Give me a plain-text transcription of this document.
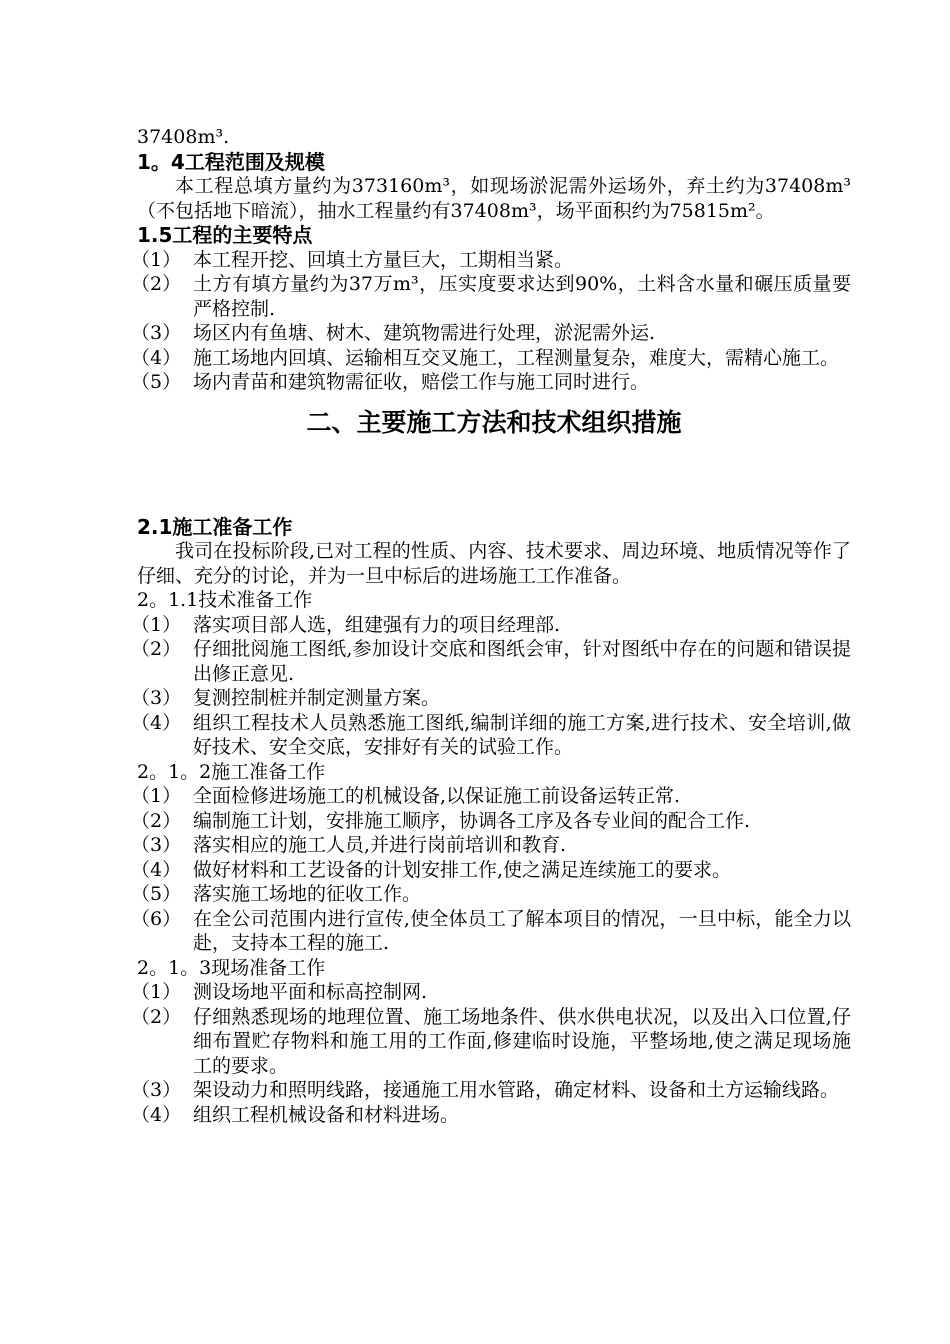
37408m³.
1。4工程范围及规模
本工程总填方量约为373160m³，如现场淤泥需外运场外，弃土约为37408m³（不包括地下暗流），抽水工程量约有37408m³，场平面积约为75815m²。
1.5工程的主要特点
（1） 本工程开挖、回填土方量巨大，工期相当紧。
（2） 土方有填方量约为37万m³，压实度要求达到90%，土料含水量和碾压质量要严格控制.
（3） 场区内有鱼塘、树木、建筑物需进行处理，淤泥需外运.
（4） 施工场地内回填、运输相互交叉施工，工程测量复杂，难度大，需精心施工。
（5） 场内青苗和建筑物需征收，赔偿工作与施工同时进行。
二、主要施工方法和技术组织措施
2.1施工准备工作
我司在投标阶段,已对工程的性质、内容、技术要求、周边环境、地质情况等作了仔细、充分的讨论，并为一旦中标后的进场施工工作准备。
2。1.1技术准备工作
（1） 落实项目部人选，组建强有力的项目经理部.
（2） 仔细批阅施工图纸,参加设计交底和图纸会审，针对图纸中存在的问题和错误提出修正意见.
（3） 复测控制桩并制定测量方案。
（4） 组织工程技术人员熟悉施工图纸,编制详细的施工方案,进行技术、安全培训,做好技术、安全交底，安排好有关的试验工作。
2。1。2施工准备工作
（1） 全面检修进场施工的机械设备,以保证施工前设备运转正常.
（2） 编制施工计划，安排施工顺序，协调各工序及各专业间的配合工作.
（3） 落实相应的施工人员,并进行岗前培训和教育.
（4） 做好材料和工艺设备的计划安排工作,使之满足连续施工的要求。
（5） 落实施工场地的征收工作。
（6） 在全公司范围内进行宣传,使全体员工了解本项目的情况，一旦中标，能全力以赴，支持本工程的施工.
2。1。3现场准备工作
（1） 测设场地平面和标高控制网.
（2） 仔细熟悉现场的地理位置、施工场地条件、供水供电状况，以及出入口位置,仔细布置贮存物料和施工用的工作面,修建临时设施，平整场地,使之满足现场施工的要求。
（3） 架设动力和照明线路，接通施工用水管路，确定材料、设备和土方运输线路。
（4） 组织工程机械设备和材料进场。
